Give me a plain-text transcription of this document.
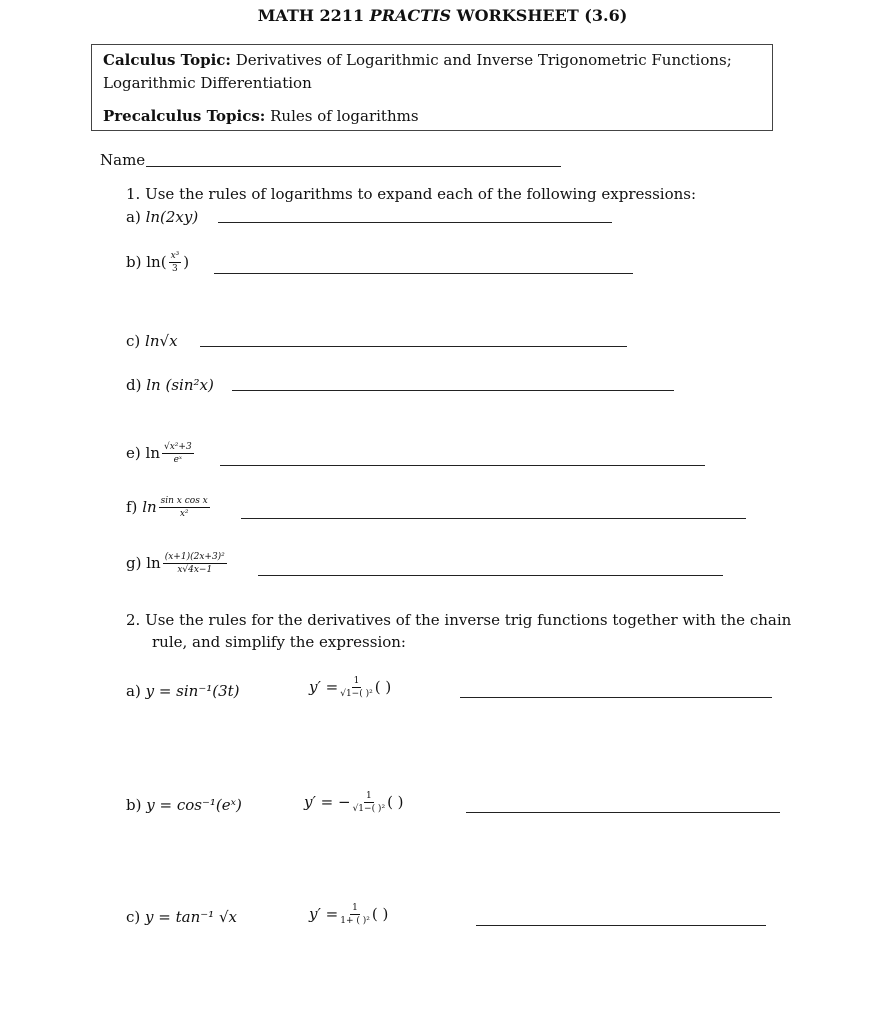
MATH 2211 PRACTIS WORKSHEET (3.6)
Calculus Topic: Derivatives of Logarithmic and Inverse Trigonometric Functions;
Logarithmic Differentiation
Precalculus Topics: Rules of logarithms
Name
1. Use the rules of logarithms to expand each of the following expressions:
a) ln(2xy)
b) $\ln( \frac{\text{x³}}{3}$ )
c) ln√x
d) ln (sin²x)
e) $\ln \frac{\text{√x²+3}}{\text{eˣ}}$
f) $\ln \frac{\text{sin x cos x}}{\text{x²}}$
g) $\ln \frac{\text{(x+1)(2x+3)²}}{x√4x-1}$
2. Use the rules for the derivatives of the inverse trig functions together with the chain
rule, and simplify the expression:
a) y = sin⁻¹(3t)	$y' = \frac{1}{\text{√1−( )²}}$ ( )
b) y = cos⁻¹(eˣ)	y′ = − $\frac{1}{\text{√1−( )²}}$ ( )
c) y = tan⁻¹ √x	$y' = \frac{1}{\text{1+ ( )²}}$ ( )
